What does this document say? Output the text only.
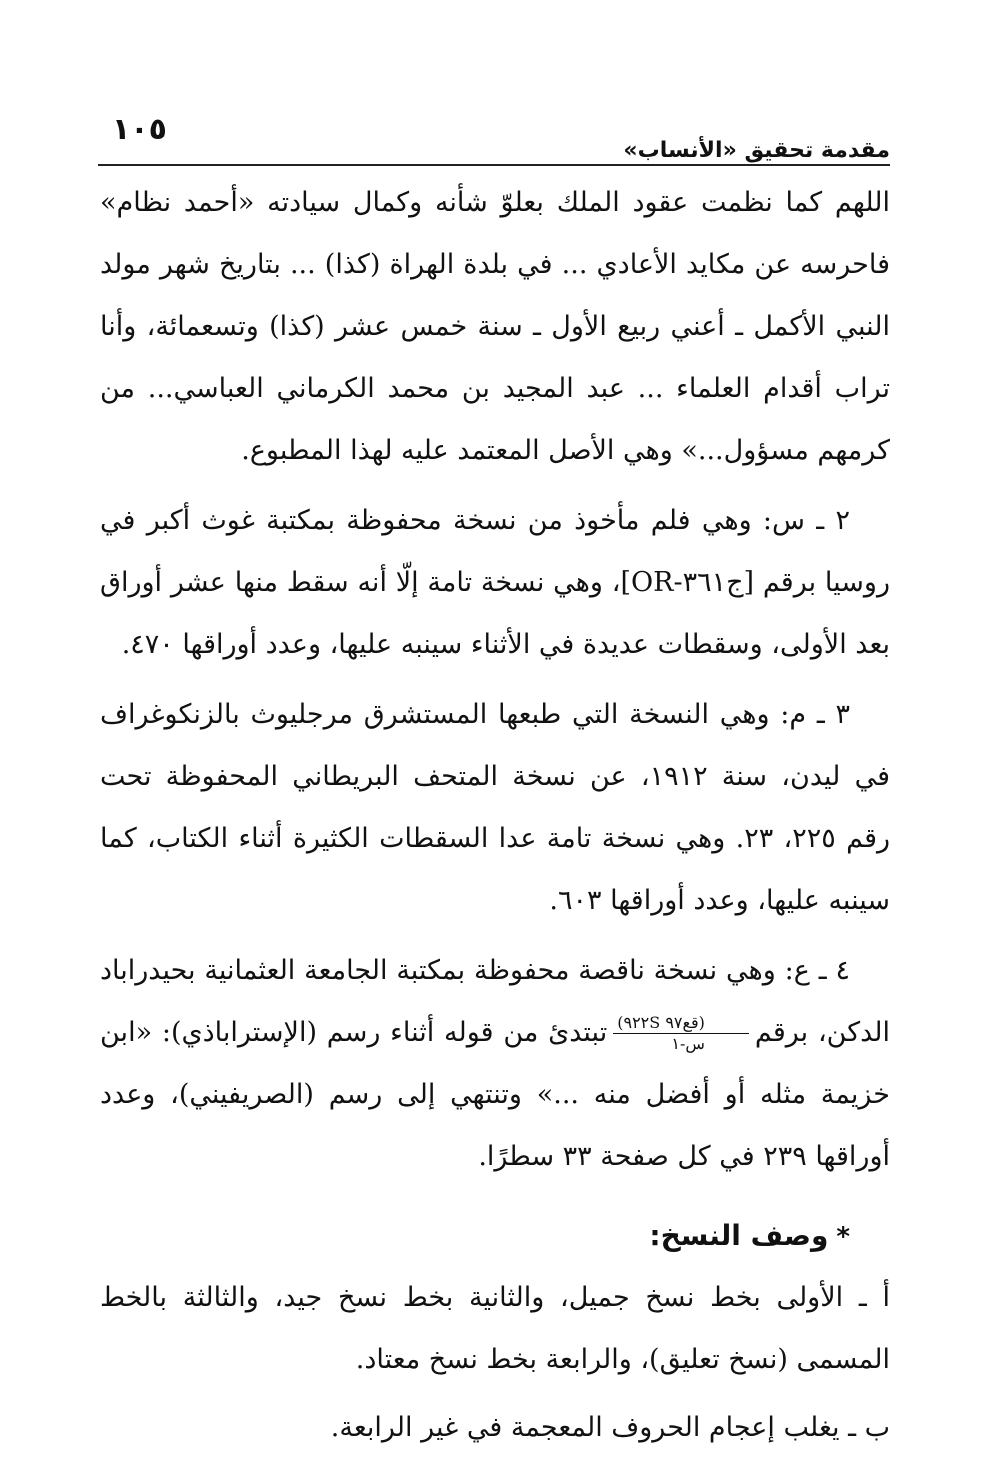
مقدمة تحقيق «الأنساب»
١٠٥

اللهم كما نظمت عقود الملك بعلوّ شأنه وكمال سيادته «أحمد نظام» فاحرسه عن مكايد الأعادي ... في بلدة الهراة (كذا) ... بتاريخ شهر مولد النبي الأكمل ـ أعني ربيع الأول ـ سنة خمس عشر (كذا) وتسعمائة، وأنا تراب أقدام العلماء ... عبد المجيد بن محمد الكرماني العباسي... من كرمهم مسؤول...» وهي الأصل المعتمد عليه لهذا المطبوع.

٢ ـ س: وهي فلم مأخوذ من نسخة محفوظة بمكتبة غوث أكبر في روسيا برقم [ج٣٦١-OR]، وهي نسخة تامة إلّا أنه سقط منها عشر أوراق بعد الأولى، وسقطات عديدة في الأثناء سينبه عليها، وعدد أوراقها ٤٧٠.

٣ ـ م: وهي النسخة التي طبعها المستشرق مرجليوث بالزنكوغراف في ليدن، سنة ١٩١٢، عن نسخة المتحف البريطاني المحفوظة تحت رقم ٢٢٥، ٢٣. وهي نسخة تامة عدا السقطات الكثيرة أثناء الكتاب، كما سينبه عليها، وعدد أوراقها ٦٠٣.

٤ ـ ع: وهي نسخة ناقصة محفوظة بمكتبة الجامعة العثمانية بحيدراباد الدكن، برقم
$\frac{\text{(قع٩٧ ٩٢٢S)}}{\text{س-١}}$
تبتدئ من قوله أثناء رسم (الإستراباذي): «ابن خزيمة مثله أو أفضل منه ...» وتنتهي إلى رسم (الصريفيني)، وعدد أوراقها ٢٣٩ في كل صفحة ٣٣ سطرًا.

*وصف النسخ:

أ ـ الأولى بخط نسخ جميل، والثانية بخط نسخ جيد، والثالثة بالخط المسمى (نسخ تعليق)، والرابعة بخط نسخ معتاد.

ب ـ يغلب إعجام الحروف المعجمة في غير الرابعة.
